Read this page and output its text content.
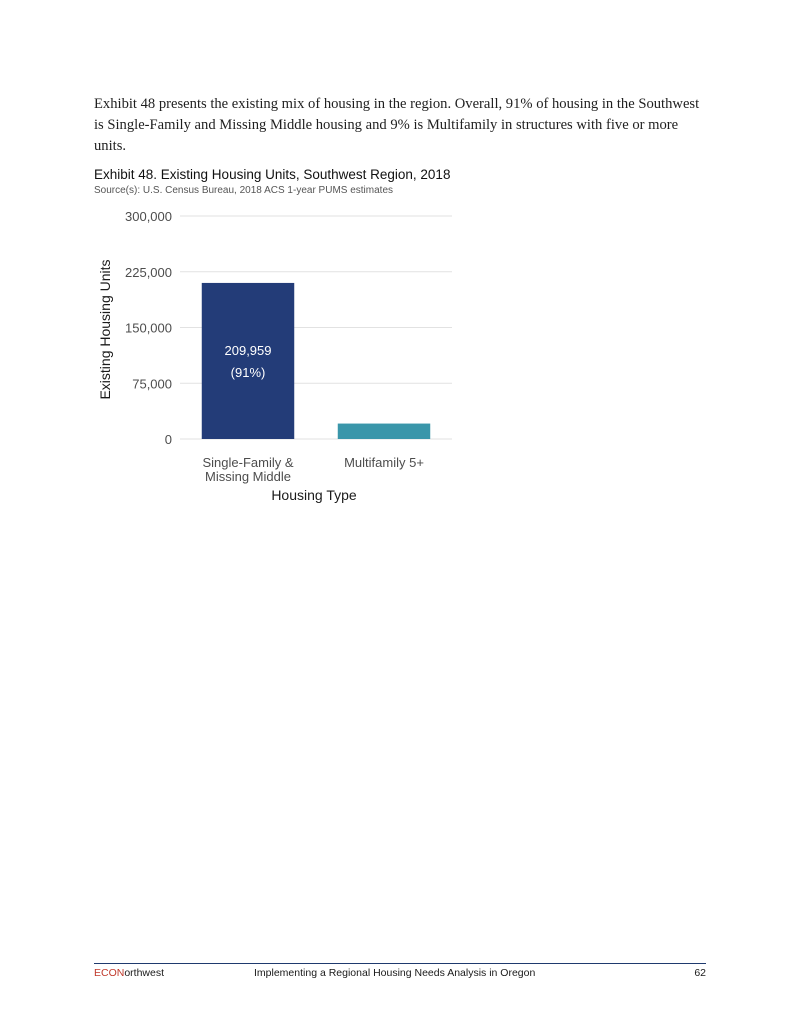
Exhibit 48 presents the existing mix of housing in the region. Overall, 91% of housing in the Southwest is Single-Family and Missing Middle housing and 9% is Multifamily in structures with five or more units.

Exhibit 48. Existing Housing Units, Southwest Region, 2018
Source(s): U.S. Census Bureau, 2018 ACS 1-year PUMS estimates
0
75,000
150,000
225,000
300,000
209,959
(91%)
Single-Family &
Missing Middle
Multifamily 5+
Housing Type
Existing Housing Units
ECONorthwest	Implementing a Regional Housing Needs Analysis in Oregon	62
